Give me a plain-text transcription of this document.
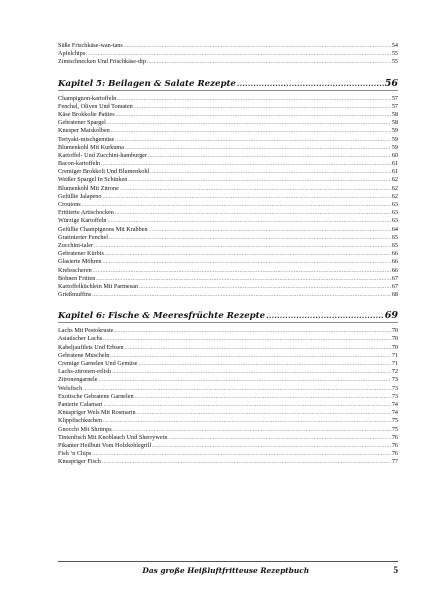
Süße Frischkäse-wan-tans .....	54
Apfelchips .....	55
Zimtschnecken Und Frischkäse-dip .....	55
Kapitel 5: Beilagen & Salate Rezepte .....	56
Champignon-kartoffeln .....	57
Fenchel, Oliven Und Tomaten .....	57
Käse Brokkolie Patties .....	58
Gebratener Spargel .....	58
Knusper Maiskolben .....	59
Teriyaki-mischgemüse .....	59
Blumenkohl Mit Kurkuma .....	59
Kartoffel- Und Zucchini-hamburger .....	60
Bacon-kartoffeln .....	61
Cremiger Brokkoli Und Blumenkohl .....	61
Weißer Spargel In Schinken .....	62
Blumenkohl Mit Zitrone .....	62
Gefüllte Jalapeno .....	62
Croutons .....	63
Frittierte Artischocken .....	63
Würzige Kartoffeln .....	63
Gefüllte Champignons Mit Krabben .....	64
Gratinierter Fenchel .....	65
Zucchini-taler .....	65
Gebratener Kürbis .....	66
Glasierte Möhren .....	66
Krebsscheren .....	66
Bohnen Fritten .....	67
Kartoffelküchlein Mit Parmesan .....	67
Grießmuffins .....	68
Kapitel 6: Fische & Meeresfrüchte Rezepte .....	69
Lachs Mit Pestokruste .....	70
Asiatischer Lachs .....	70
Kabeljaufilets Und Erbsen .....	70
Gebratene Muscheln .....	71
Cremige Garnelen Und Gemüse .....	71
Lachs-zitronen-relish .....	72
Zitronengarnele .....	73
Welsfisch .....	73
Exotische Gebratene Garnelen .....	73
Panierte Calamari .....	74
Knuspriger Wels Mit Rosmarin .....	74
Klippfischkuchen .....	75
Gnocchi Mit Shrimps .....	75
Tintenfisch Mit Knoblauch Und Sherrywein .....	76
Pikanter Heilbutt Vom Holzkohlegrill .....	76
Fish ‘n Chips .....	76
Knuspriger Fisch .....	77
Das große Heißluftfritteuse Rezeptbuch	5
